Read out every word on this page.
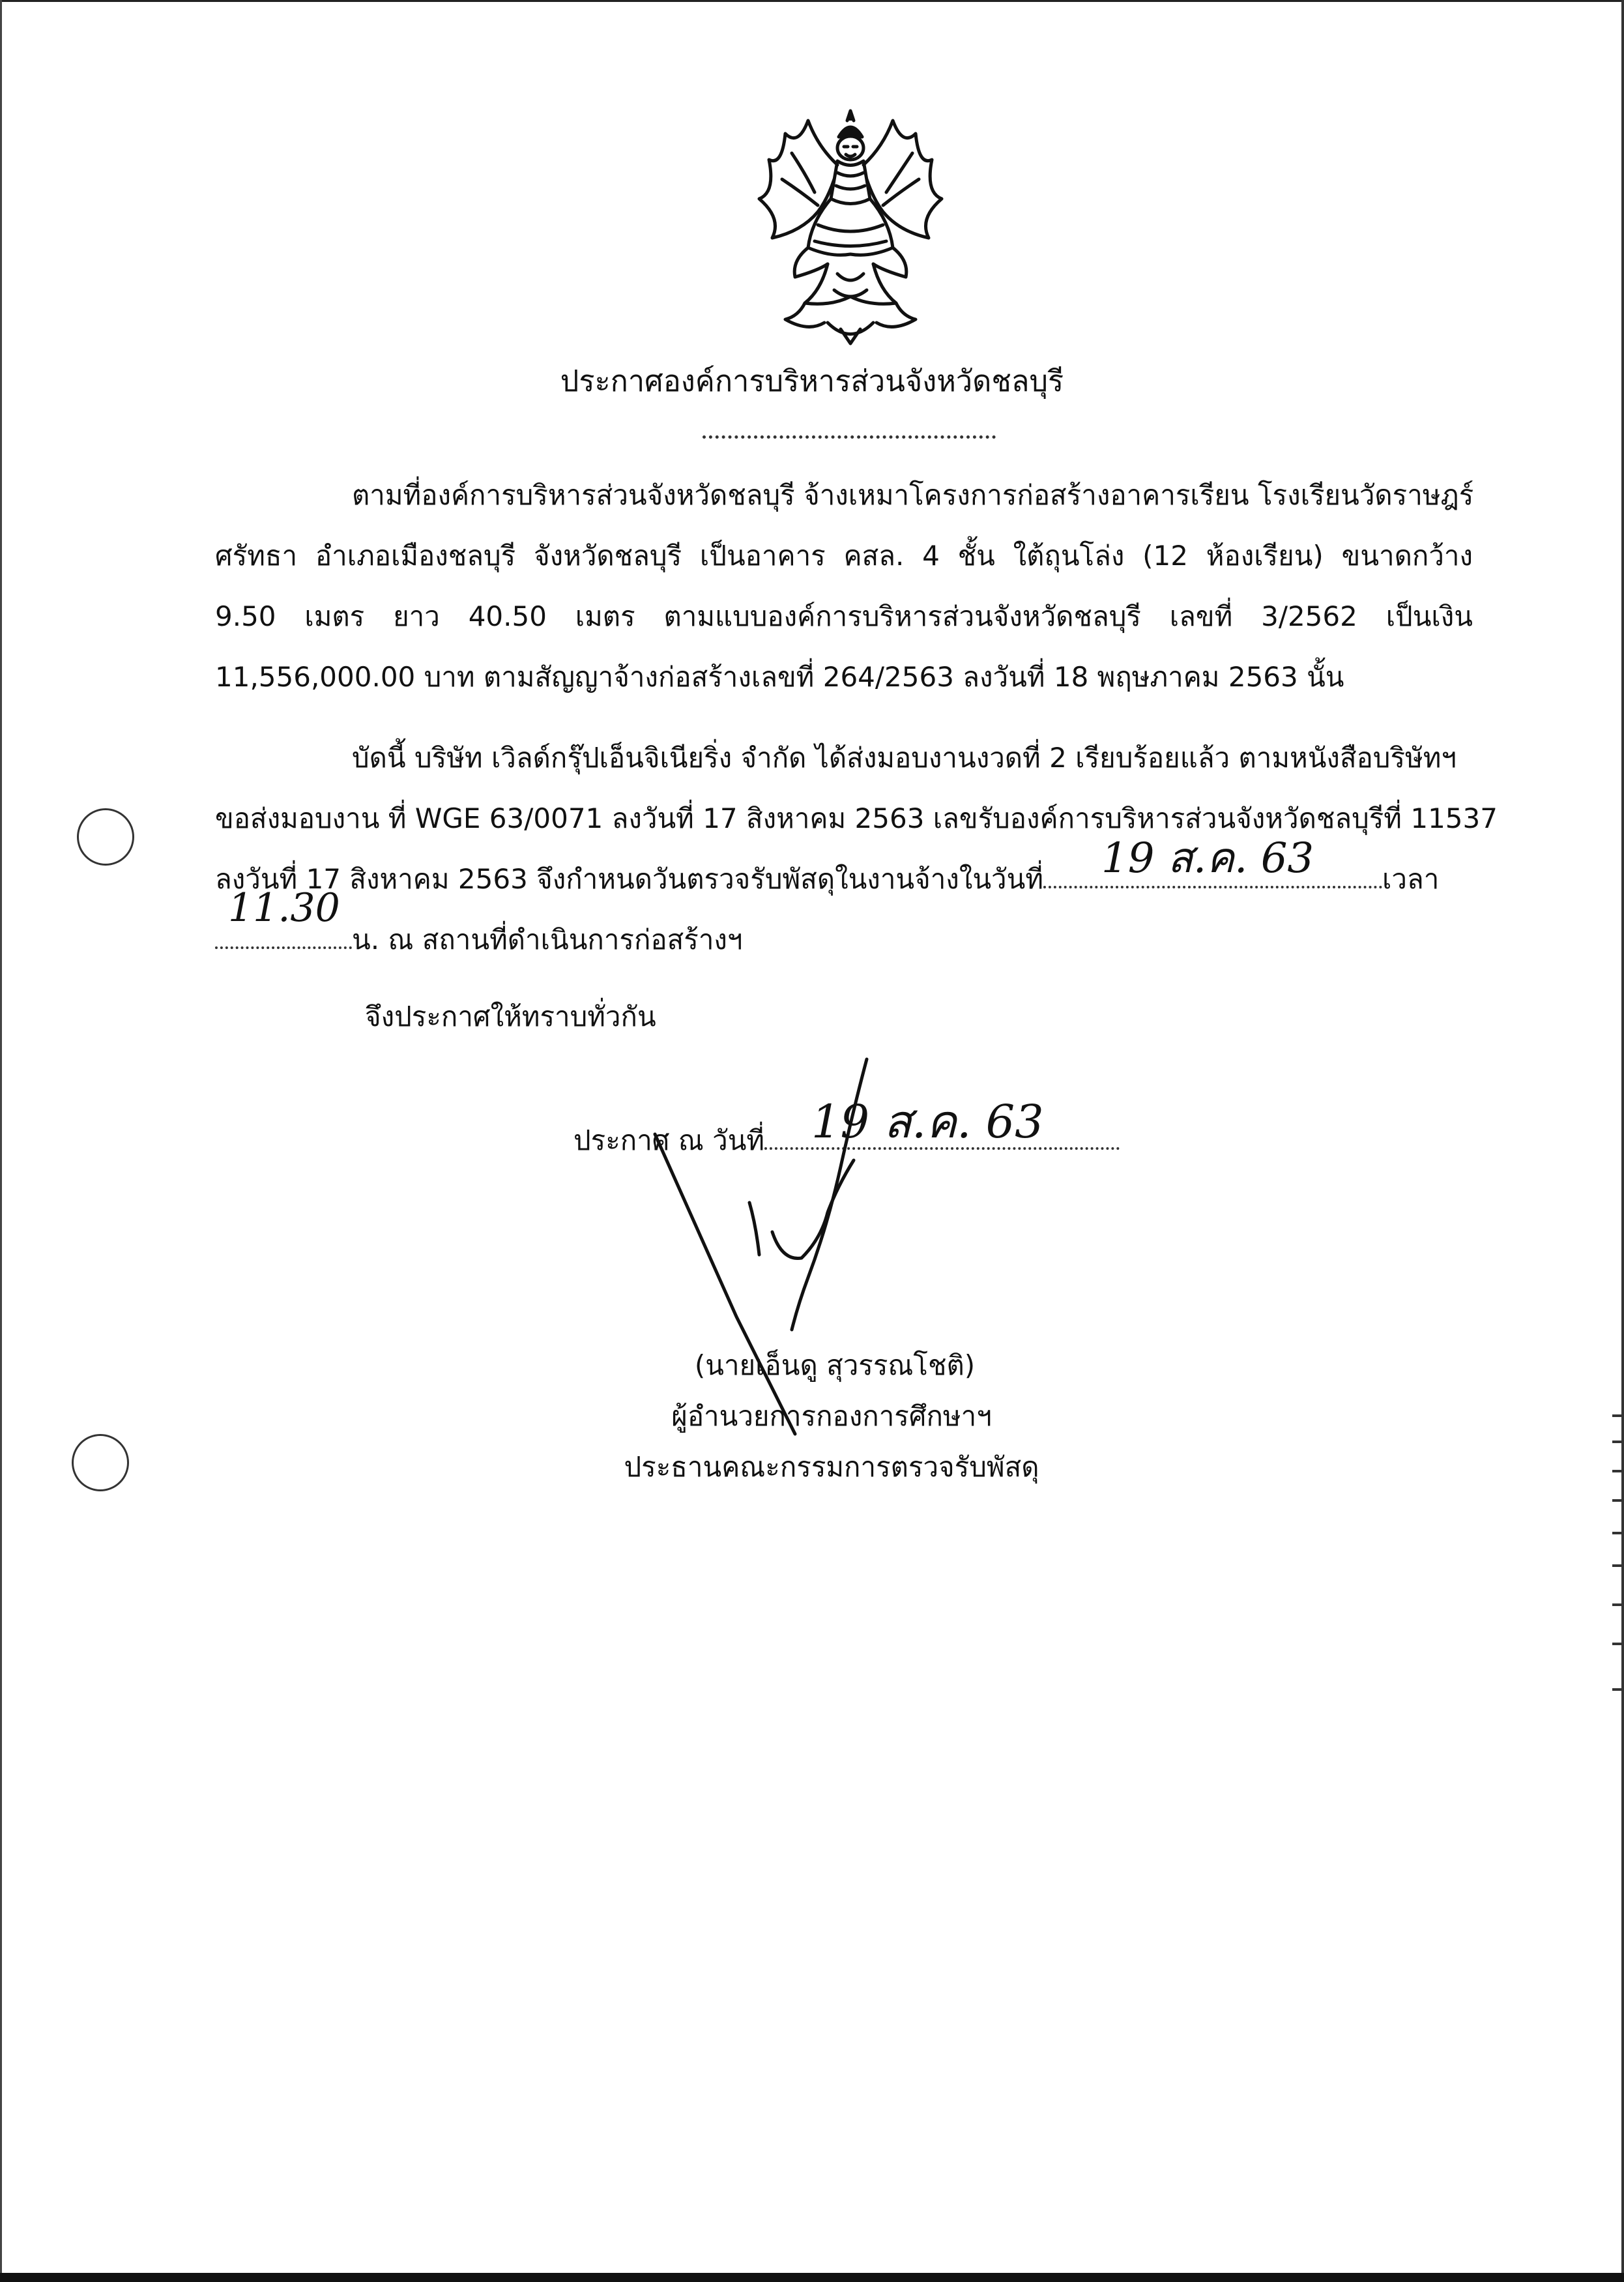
ประกาศองค์การบริหารส่วนจังหวัดชลบุรี
ตามที่องค์การบริหารส่วนจังหวัดชลบุรี จ้างเหมาโครงการก่อสร้างอาคารเรียน โรงเรียนวัดราษฎร์
ศรัทธา อำเภอเมืองชลบุรี จังหวัดชลบุรี เป็นอาคาร คสล. 4 ชั้น ใต้ถุนโล่ง (12 ห้องเรียน) ขนาดกว้าง
9.50 เมตร ยาว 40.50 เมตร ตามแบบองค์การบริหารส่วนจังหวัดชลบุรี เลขที่ 3/2562 เป็นเงิน
11,556,000.00 บาท ตามสัญญาจ้างก่อสร้างเลขที่ 264/2563 ลงวันที่ 18 พฤษภาคม 2563 นั้น
บัดนี้ บริษัท เวิลด์กรุ๊ปเอ็นจิเนียริ่ง จำกัด ได้ส่งมอบงานงวดที่ 2 เรียบร้อยแล้ว ตามหนังสือบริษัทฯ
ขอส่งมอบงาน ที่ WGE 63/0071 ลงวันที่ 17 สิงหาคม 2563 เลขรับองค์การบริหารส่วนจังหวัดชลบุรีที่ 11537
ลงวันที่ 17 สิงหาคม 2563 จึงกำหนดวันตรวจรับพัสดุในงานจ้างในวันที่	เวลา
น. ณ สถานที่ดำเนินการก่อสร้างฯ
19 ส.ค. 63
11.30
จึงประกาศให้ทราบทั่วกัน
ประกาศ ณ วันที่	19 ส.ค. 63
(นายเอ็นดู สุวรรณโชติ)
ผู้อำนวยการกองการศึกษาฯ
ประธานคณะกรรมการตรวจรับพัสดุ
